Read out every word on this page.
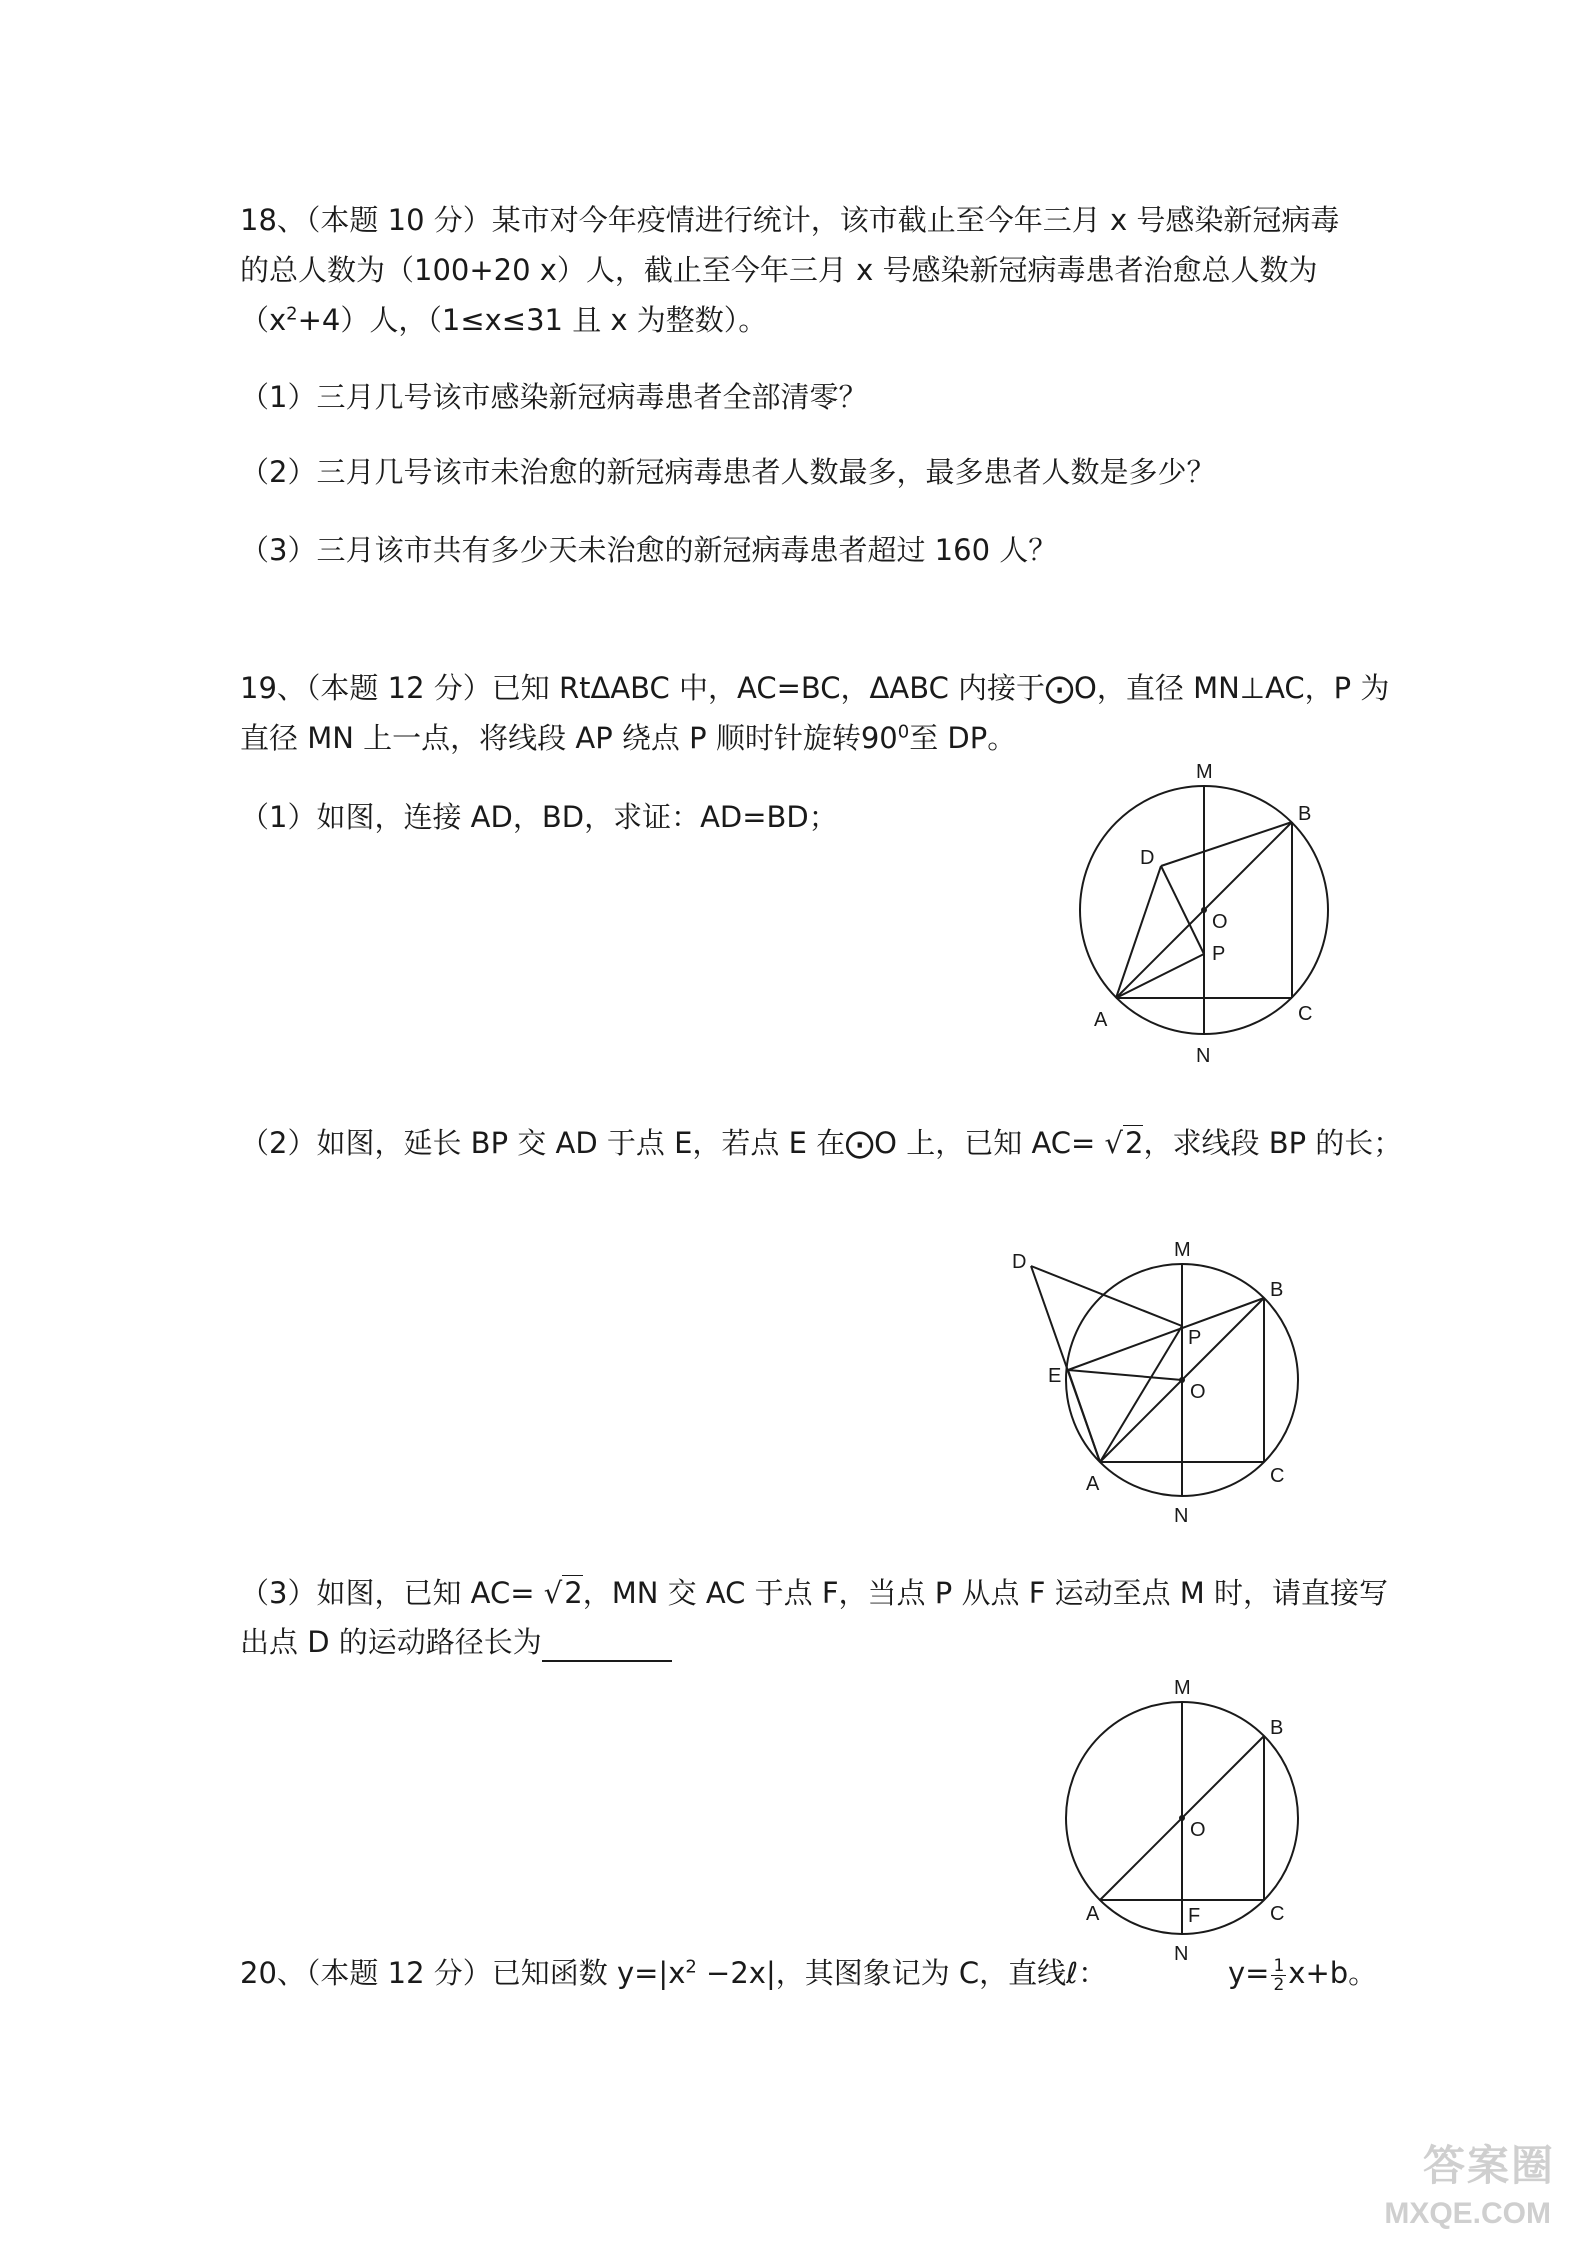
18、（本题 10 分）某市对今年疫情进行统计，该市截止至今年三月 x 号感染新冠病毒
的总人数为（100+20 x）人，截止至今年三月 x 号感染新冠病毒患者治愈总人数为
$(x^2+4)$人，（1≤x≤31 且 x 为整数）。
（1）三月几号该市感染新冠病毒患者全部清零？
（2）三月几号该市未治愈的新冠病毒患者人数最多，最多患者人数是多少？
（3）三月该市共有多少天未治愈的新冠病毒患者超过 160 人？
19、（本题 12 分）已知 RtΔABC 中，AC=BC，ΔABC 内接于⨀O，直径 MN⊥AC，P 为
直径 MN 上一点，将线段 AP 绕点 P 顺时针旋转$90^0$至 DP。
（1）如图，连接 AD，BD，求证：AD=BD；
（2）如图，延长 BP 交 AD 于点 E，若点 E 在⨀O 上，已知 AC= √2，求线段 BP 的长；
（3）如图，已知 AC= √2，MN 交 AC 于点 F，当点 P 从点 F 运动至点 M 时，请直接写
出点 D 的运动路径长为
20、（本题 12 分）已知函数 $y=|x^2 -2x|$，其图象记为 C，直线ℓ：	$y= \frac{1}{2} x+b$。
M
B
D
O
P
A	C
N
D
M
B
P
E
O
A	C
N
M
B
O
A	F	C
N
答案圈
MXQE.COM
